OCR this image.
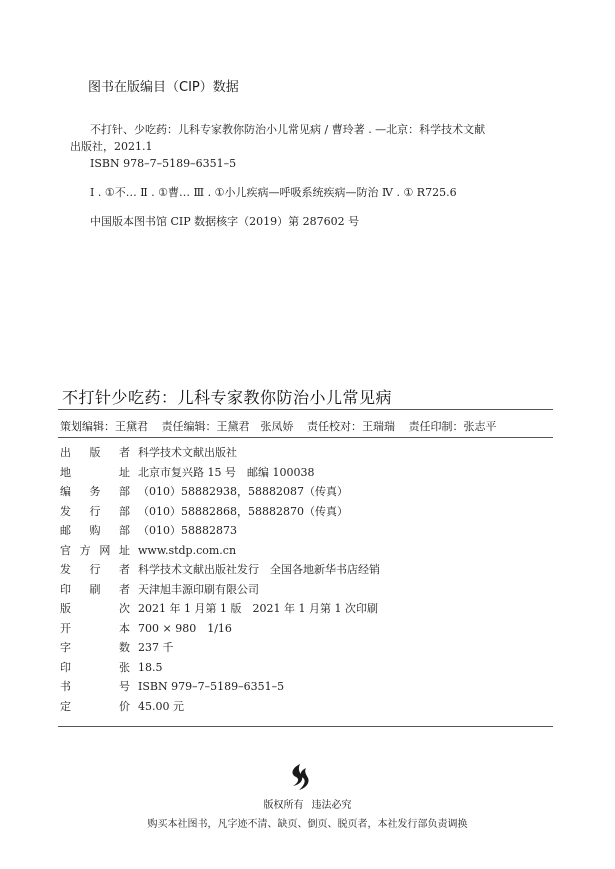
图书在版编目（CIP）数据
不打针、少吃药：儿科专家教你防治小儿常见病 / 曹玲著 . —北京：科学技术文献
出版社，2021.1
ISBN 978–7–5189–6351–5
Ⅰ . ①不… Ⅱ . ①曹… Ⅲ . ①小儿疾病—呼吸系统疾病—防治 Ⅳ . ① R725.6
中国版本图书馆 CIP 数据核字（2019）第 287602 号
不打针少吃药：儿科专家教你防治小儿常见病
策划编辑：王黛君 责任编辑：王黛君　张凤娇 责任校对：王瑞瑞 责任印制：张志平
出 版 者 科学技术文献出版社
地	址 北京市复兴路 15 号　邮编 100038
编 务 部 （010）58882938，58882087（传真）
发 行 部 （010）58882868，58882870（传真）
邮 购 部 （010）58882873
官 方 网 址 www.stdp.com.cn
发 行 者 科学技术文献出版社发行　全国各地新华书店经销
印 刷 者 天津旭丰源印刷有限公司
版	次 2021 年 1 月第 1 版　2021 年 1 月第 1 次印刷
开	本 700 × 980　1/16
字	数 237 千
印	张 18.5
书	号 ISBN 979–7–5189–6351–5
定	价 45.00 元
版权所有 违法必究
购买本社图书，凡字迹不清、缺页、倒页、脱页者，本社发行部负责调换
